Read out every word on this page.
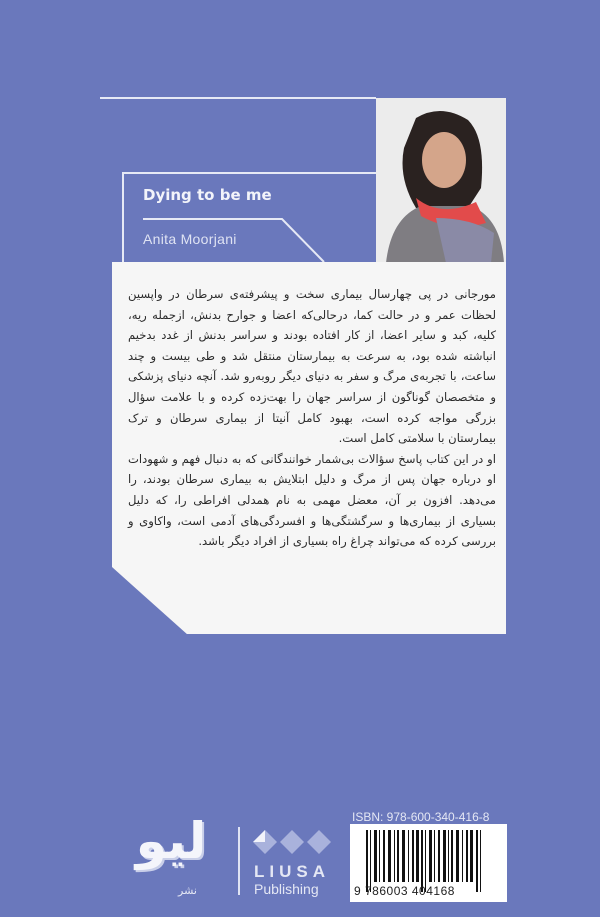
Dying to be me
Anita Moorjani

مورجانی در پی چهارسال بیماری سخت و پیشرفته‌ی سرطان در واپسین لحظات عمر و در حالت کما، درحالی‌که اعضا و جوارح بدنش، ازجمله ریه، کلیه، کبد و سایر اعضا، از کار افتاده بودند و سراسر بدنش از غدد بدخیم انباشته شده بود، به سرعت به بیمارستان منتقل شد و طی بیست و چند ساعت، با تجربه‌ی مرگ و سفر به دنیای دیگر روبه‌رو شد. آنچه دنیای پزشکی و متخصصان گوناگون از سراسر جهان را بهت‌زده کرده و با علامت سؤال بزرگی مواجه کرده است، بهبود کامل آنیتا از بیماری سرطان و ترک بیمارستان با سلامتی کامل است.

او در این کتاب پاسخ سؤالات بی‌شمار خوانندگانی که به دنبال فهم و شهودات او درباره جهان پس از مرگ و دلیل ابتلایش به بیماری سرطان بودند، را می‌دهد. افزون بر آن، معضل مهمی به نام همدلی افراطی را، که دلیل بسیاری از بیماری‌ها و سرگشتگی‌ها و افسردگی‌های آدمی است، واکاوی و بررسی کرده که می‌تواند چراغ راه بسیاری از افراد دیگر باشد.

لیو
نشر
LIUSA
Publishing
ISBN: 978-600-340-416-8
9 786003 404168
